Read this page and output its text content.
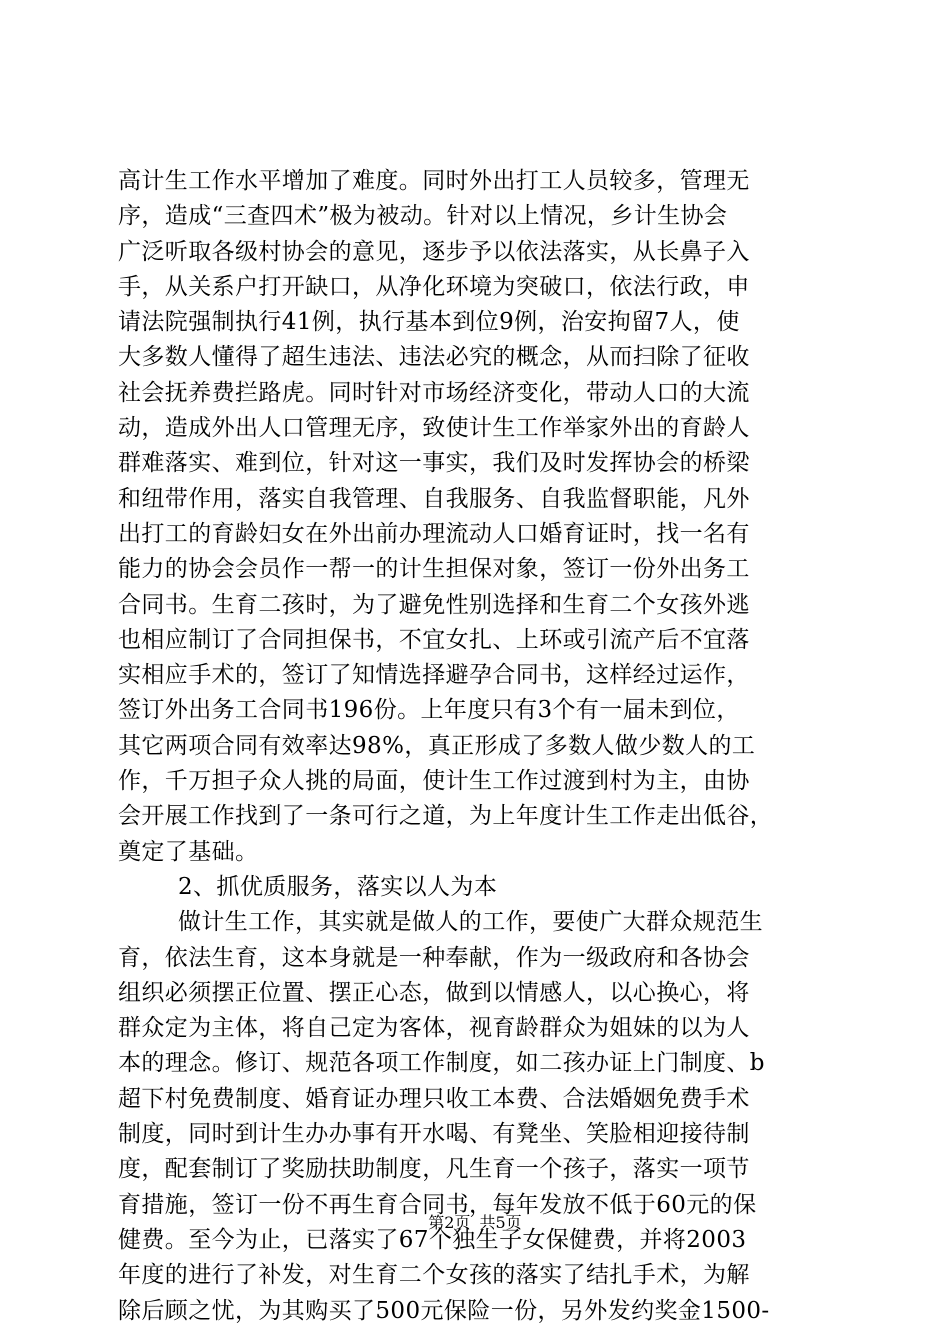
高计生工作水平增加了难度。同时外出打工人员较多，管理无
序，造成“三查四术”极为被动。针对以上情况，乡计生协会
广泛听取各级村协会的意见，逐步予以依法落实，从长鼻子入
手，从关系户打开缺口，从净化环境为突破口，依法行政，申
请法院强制执行41例，执行基本到位9例，治安拘留7人，使
大多数人懂得了超生违法、违法必究的概念，从而扫除了征收
社会抚养费拦路虎。同时针对市场经济变化，带动人口的大流
动，造成外出人口管理无序，致使计生工作举家外出的育龄人
群难落实、难到位，针对这一事实，我们及时发挥协会的桥梁
和纽带作用，落实自我管理、自我服务、自我监督职能，凡外
出打工的育龄妇女在外出前办理流动人口婚育证时，找一名有
能力的协会会员作一帮一的计生担保对象，签订一份外出务工
合同书。生育二孩时，为了避免性别选择和生育二个女孩外逃
也相应制订了合同担保书，不宜女扎、上环或引流产后不宜落
实相应手术的，签订了知情选择避孕合同书，这样经过运作，
签订外出务工合同书196份。上年度只有3个有一届未到位，
其它两项合同有效率达98%，真正形成了多数人做少数人的工
作，千万担子众人挑的局面，使计生工作过渡到村为主，由协
会开展工作找到了一条可行之道，为上年度计生工作走出低谷，
奠定了基础。
2、抓优质服务，落实以人为本
做计生工作，其实就是做人的工作，要使广大群众规范生
育，依法生育，这本身就是一种奉献，作为一级政府和各协会
组织必须摆正位置、摆正心态，做到以情感人，以心换心，将
群众定为主体，将自己定为客体，视育龄群众为姐妹的以为人
本的理念。修订、规范各项工作制度，如二孩办证上门制度、b
超下村免费制度、婚育证办理只收工本费、合法婚姻免费手术
制度，同时到计生办办事有开水喝、有凳坐、笑脸相迎接待制
度，配套制订了奖励扶助制度，凡生育一个孩子，落实一项节
育措施，签订一份不再生育合同书，每年发放不低于60元的保
健费。至今为止，已落实了67个独生子女保健费，并将2003
年度的进行了补发，对生育二个女孩的落实了结扎手术，为解
除后顾之忧，为其购买了500元保险一份，另外发约奖金1500-
第2页 共5页
